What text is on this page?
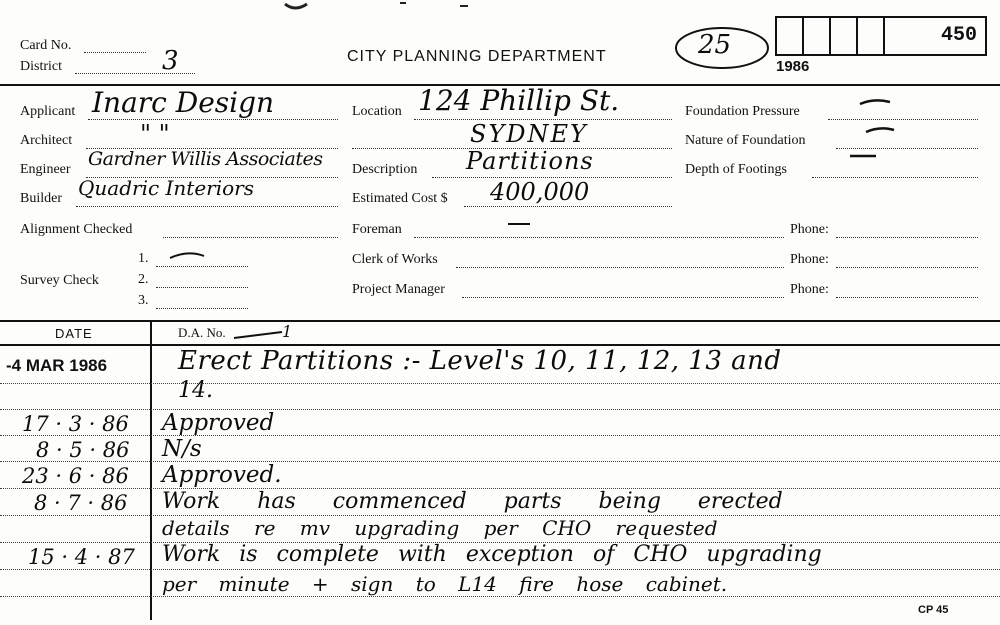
Card No.
District	3	CITY PLANNING DEPARTMENT	25
1986
450
Applicant Inarc Design
Architect	" "
Engineer Gardner Willis Associates
Builder Quadric Interiors
Alignment Checked
Survey Check
1.
2.
3.
Location 124 Phillip St.
SYDNEY
Description Partitions
Estimated Cost $ 400,000
Foreman	Phone:
Clerk of Works	Phone:
Project Manager	Phone:
Foundation Pressure
Nature of Foundation
Depth of Footings
DATE	D.A. No.	1
-4 MAR 1986	Erect Partitions :- Level's 10, 11, 12, 13 and
14.
17 · 3 · 86 Approved
8 · 5 · 86 N/s
23 · 6 · 86 Approved.
8 · 7 · 86 Work has commenced parts being erected
details re mv upgrading per CHO requested
15 · 4 · 87 Work is complete with exception of CHO upgrading
per minute + sign to L14 fire hose cabinet.
CP 45
